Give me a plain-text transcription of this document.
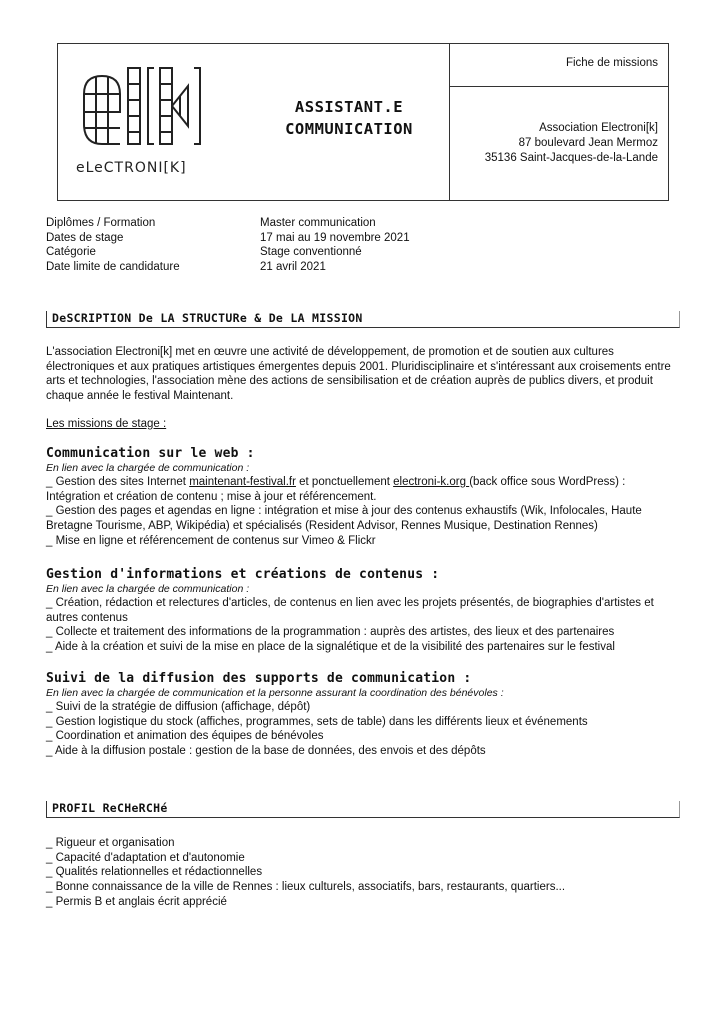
eLeCTRONI[K]
ASSISTANT.E
COMMUNICATION
Fiche de missions
Association Electroni[k]
87 boulevard Jean Mermoz
35136 Saint-Jacques-de-la-Lande
Diplômes / Formation	Master communication
Dates de stage	17 mai au 19 novembre 2021
Catégorie	Stage conventionné
Date limite de candidature	21 avril 2021
DeSCRIPTION De LA STRUCTURe & De LA MISSION
L'association Electroni[k] met en œuvre une activité de développement, de promotion et de soutien aux cultures électroniques et aux pratiques artistiques émergentes depuis 2001. Pluridisciplinaire et s'intéressant aux croisements entre arts et technologies, l'association mène des actions de sensibilisation et de création auprès de publics divers, et produit chaque année le festival Maintenant.
Les missions de stage :
Communication sur le web :
En lien avec la chargée de communication :
_ Gestion des sites Internet maintenant-festival.fr et ponctuellement electroni-k.org (back office sous WordPress) :
Intégration et création de contenu ; mise à jour et référencement.
_ Gestion des pages et agendas en ligne : intégration et mise à jour des contenus exhaustifs (Wik, Infolocales, Haute
Bretagne Tourisme, ABP, Wikipédia) et spécialisés (Resident Advisor, Rennes Musique, Destination Rennes)
_ Mise en ligne et référencement de contenus sur Vimeo & Flickr
Gestion d'informations et créations de contenus :
En lien avec la chargée de communication :
_ Création, rédaction et relectures d'articles, de contenus en lien avec les projets présentés, de biographies d'artistes et
autres contenus
_ Collecte et traitement des informations de la programmation : auprès des artistes, des lieux et des partenaires
_ Aide à la création et suivi de la mise en place de la signalétique et de la visibilité des partenaires sur le festival
Suivi de la diffusion des supports de communication :
En lien avec la chargée de communication et la personne assurant la coordination des bénévoles :
_ Suivi de la stratégie de diffusion (affichage, dépôt)
_ Gestion logistique du stock (affiches, programmes, sets de table) dans les différents lieux et événements
_ Coordination et animation des équipes de bénévoles
_ Aide à la diffusion postale : gestion de la base de données, des envois et des dépôts
PROFIL ReCHeRCHé
_ Rigueur et organisation
_ Capacité d'adaptation et d'autonomie
_ Qualités relationnelles et rédactionnelles
_ Bonne connaissance de la ville de Rennes : lieux culturels, associatifs, bars, restaurants, quartiers...
_ Permis B et anglais écrit apprécié
